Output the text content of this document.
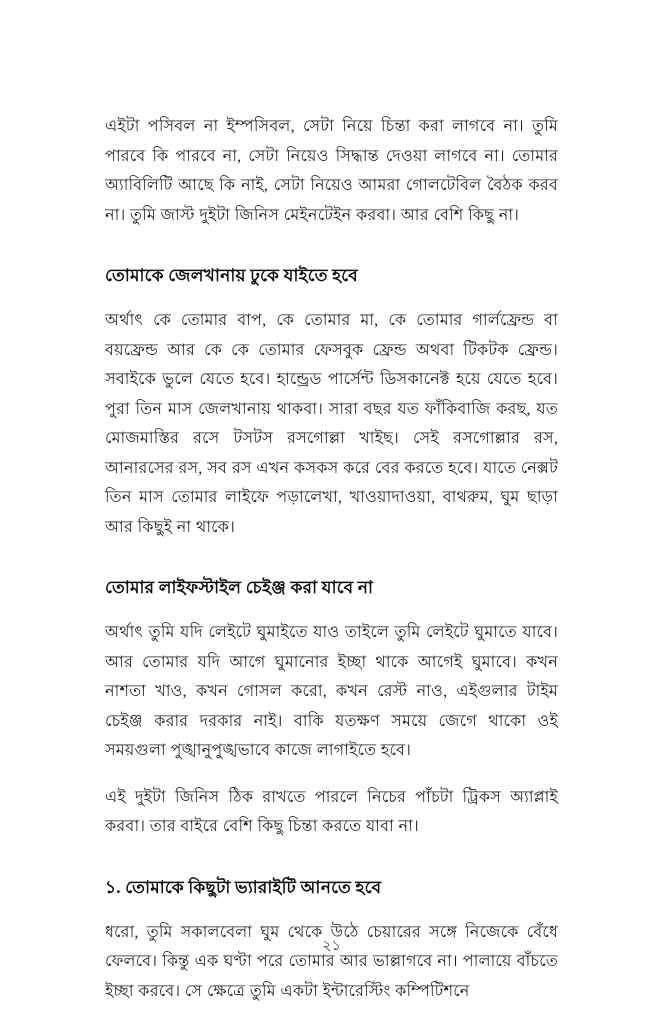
এইটা পসিবল না ইম্পসিবল, সেটা নিয়ে চিন্তা করা লাগবে না। তুমি পারবে কি পারবে না, সেটা নিয়েও সিদ্ধান্ত দেওয়া লাগবে না। তোমার অ্যাবিলিটি আছে কি নাই, সেটা নিয়েও আমরা গোলটেবিল বৈঠক করব না। তুমি জাস্ট দুইটা জিনিস মেইনটেইন করবা। আর বেশি কিছু না।

তোমাকে জেলখানায় ঢুকে যাইতে হবে

অর্থাৎ কে তোমার বাপ, কে তোমার মা, কে তোমার গার্লফ্রেন্ড বা বয়ফ্রেন্ড আর কে কে তোমার ফেসবুক ফ্রেন্ড অথবা টিকটক ফ্রেন্ড। সবাইকে ভুলে যেতে হবে। হান্ড্রেড পার্সেন্ট ডিসকানেক্ট হয়ে যেতে হবে। পুরা তিন মাস জেলখানায় থাকবা। সারা বছর যত ফাঁকিবাজি করছ, যত মোজমাস্তির রসে টসটস রসগোল্লা খাইছ। সেই রসগোল্লার রস, আনারসের রস, সব রস এখন কসকস করে বের করতে হবে। যাতে নেক্সট তিন মাস তোমার লাইফে পড়ালেখা, খাওয়াদাওয়া, বাথরুম, ঘুম ছাড়া আর কিছুই না থাকে।

তোমার লাইফস্টাইল চেইঞ্জ করা যাবে না

অর্থাৎ তুমি যদি লেইটে ঘুমাইতে যাও তাইলে তুমি লেইটে ঘুমাতে যাবে। আর তোমার যদি আগে ঘুমানোর ইচ্ছা থাকে আগেই ঘুমাবে। কখন নাশতা খাও, কখন গোসল করো, কখন রেস্ট নাও, এইগুলার টাইম চেইঞ্জ করার দরকার নাই। বাকি যতক্ষণ সময়ে জেগে থাকো ওই সময়গুলা পুঙ্খানুপুঙ্খভাবে কাজে লাগাইতে হবে।

এই দুইটা জিনিস ঠিক রাখতে পারলে নিচের পাঁচটা ট্রিকস অ্যাপ্লাই করবা। তার বাইরে বেশি কিছু চিন্তা করতে যাবা না।

১. তোমাকে কিছুটা ভ্যারাইটি আনতে হবে

ধরো, তুমি সকালবেলা ঘুম থেকে উঠে চেয়ারের সঙ্গে নিজেকে বেঁধে ফেলবে। কিন্তু এক ঘণ্টা পরে তোমার আর ভাল্লাগবে না। পালায়ে বাঁচতে ইচ্ছা করবে। সে ক্ষেত্রে তুমি একটা ইন্টারেস্টিং কম্পিটিশনে

২১
